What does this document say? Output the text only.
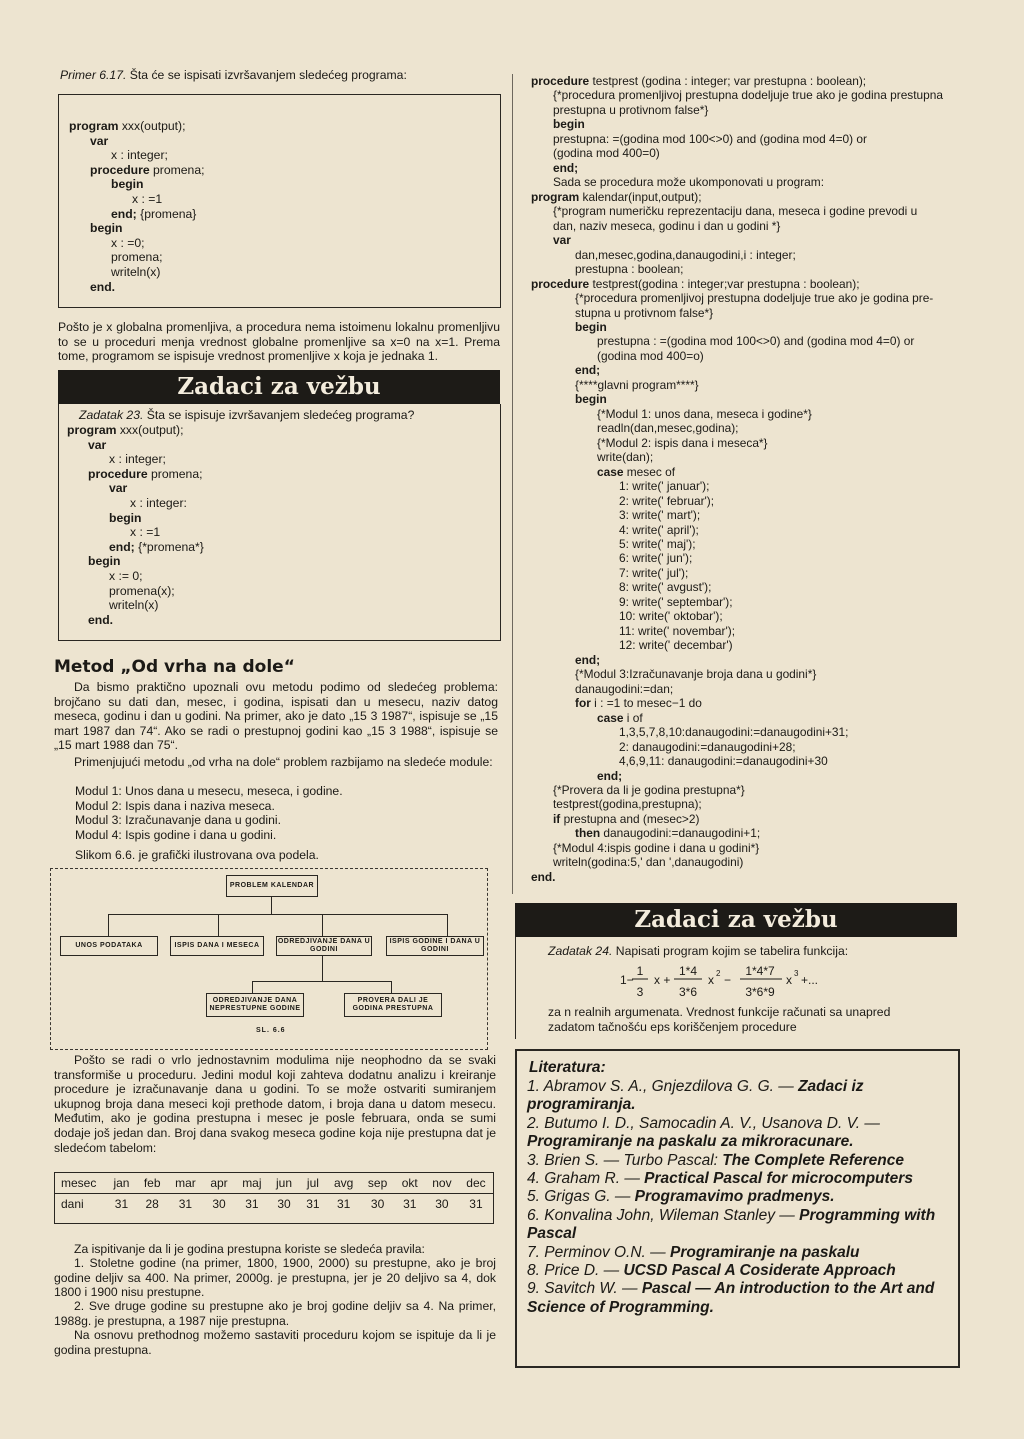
Primer 6.17. Šta će se ispisati izvršavanjem sledećeg programa:
program xxx(output);
var
x : integer;
procedure promena;
begin
x : =1
end; {promena}
begin
x : =0;
promena;
writeln(x)
end.
Pošto je x globalna promenljiva, a procedura nema istoimenu lokalnu promenljivu to se u proceduri menja vrednost globalne promenljive sa x=0 na x=1. Prema tome, programom se ispisuje vrednost promenljive x koja je jednaka 1.
Zadaci za vežbu
Zadatak 23. Šta se ispisuje izvršavanjem sledećeg programa?
program xxx(output);
var
x : integer;
procedure promena;
var
x : integer:
begin
x : =1
end; {*promena*}
begin
x := 0;
promena(x);
writeln(x)
end.
Metod „Od vrha na dole“
Da bismo praktično upoznali ovu metodu podimo od sledećeg problema: brojčano su dati dan, mesec, i godina, ispisati dan u mesecu, naziv datog meseca, godinu i dan u godini. Na primer, ako je dato „15 3 1987“, ispisuje se „15 mart 1987 dan 74“. Ako se radi o prestupnoj godini kao „15 3 1988“, ispisuje se „15 mart 1988 dan 75“.
Primenjujući metodu „od vrha na dole“ problem razbijamo na sledeće module:
Modul 1: Unos dana u mesecu, meseca, i godine.
Modul 2: Ispis dana i naziva meseca.
Modul 3: Izračunavanje dana u godini.
Modul 4: Ispis godine i dana u godini.
Slikom 6.6. je grafički ilustrovana ova podela.
PROBLEM KALENDAR
UNOS PODATAKA	ISPIS DANA I MESECA
ODREDJIVANJE DANA U GODINI
ISPIS GODINE I DANA U GODINI
ODREDJIVANJE DANA NEPRESTUPNE GODINE
PROVERA DALI JE GODINA PRESTUPNA
SL. 6.6
Pošto se radi o vrlo jednostavnim modulima nije neophodno da se svaki transformiše u proceduru. Jedini modul koji zahteva dodatnu analizu i kreiranje procedure je izračunavanje dana u godini. To se može ostvariti sumiranjem ukupnog broja dana meseci koji prethode datom, i broja dana u datom mesecu. Međutim, ako je godina prestupna i mesec je posle februara, onda se sumi dodaje još jedan dan. Broj dana svakog meseca godine koja nije prestupna dat je sledećom tabelom:
mesec	jan	feb	mar	apr	maj	jun	jul	avg	sep	okt	nov	dec
dani	31	28	31	30	31	30	31	31	30	31	30	31
Za ispitivanje da li je godina prestupna koriste se sledeća pravila:
1. Stoletne godine (na primer, 1800, 1900, 2000) su prestupne, ako je broj godine deljiv sa 400. Na primer, 2000g. je prestupna, jer je 20 deljivo sa 4, dok 1800 i 1900 nisu prestupne.
2. Sve druge godine su prestupne ako je broj godine deljiv sa 4. Na primer, 1988g. je prestupna, a 1987 nije prestupna.
Na osnovu prethodnog možemo sastaviti proceduru kojom se ispituje da li je godina prestupna.
procedure testprest (godina : integer; var prestupna : boolean);
{*procedura promenljivoj prestupna dodeljuje true ako je godina prestupna
prestupna u protivnom false*}
begin
prestupna: =(godina mod 100<>0) and (godina mod 4=0) or
(godina mod 400=0)
end;
Sada se procedura može ukomponovati u program:
program kalendar(input,output);
{*program numeričku reprezentaciju dana, meseca i godine prevodi u
dan, naziv meseca, godinu i dan u godini *}
var
dan,mesec,godina,danaugodini,i : integer;
prestupna : boolean;
procedure testprest(godina : integer;var prestupna : boolean);
{*procedura promenljivoj prestupna dodeljuje true ako je godina pre-
stupna u protivnom false*}
begin
prestupna : =(godina mod 100<>0) and (godina mod 4=0) or
(godina mod 400=o)
end;
{****glavni program****}
begin
{*Modul 1: unos dana, meseca i godine*}
readln(dan,mesec,godina);
{*Modul 2: ispis dana i meseca*}
write(dan);
case mesec of
1: write(' januar');
2: write(' februar');
3: write(' mart');
4: write(' april');
5: write(' maj');
6: write(' jun');
7: write(' jul');
8: write(' avgust');
9: write(' septembar');
10: write(' oktobar');
11: write(' novembar');
12: write(' decembar')
end;
{*Modul 3:Izračunavanje broja dana u godini*}
danaugodini:=dan;
for i : =1 to mesec−1 do
case i of
1,3,5,7,8,10:danaugodini:=danaugodini+31;
2: danaugodini:=danaugodini+28;
4,6,9,11: danaugodini:=danaugodini+30
end;
{*Provera da li je godina prestupna*}
testprest(godina,prestupna);
if prestupna and (mesec>2)
then danaugodini:=danaugodini+1;
{*Modul 4:ispis godine i dana u godini*}
writeln(godina:5,' dan ',danaugodini)
end.
Zadaci za vežbu
Zadatak 24. Napisati program kojim se tabelira funkcija:
1−
1
3
x +
1*4
3*6
x 2 −
1*4*7
3*6*9
x 3 +...
za n realnih argumenata. Vrednost funkcije računati sa unapred zadatom tačnošću eps koriščenjem procedure
Literatura:
1. Abramov S. A., Gnjezdilova G. G. — Zadaci iz programiranja.
2. Butumo I. D., Samocadin A. V., Usanova D. V. — Programiranje na paskalu za mikroracunare.
3. Brien S. — Turbo Pascal: The Complete Reference
4. Graham R. — Practical Pascal for microcomputers
5. Grigas G. — Programavimo pradmenys.
6. Konvalina John, Wileman Stanley — Programming with Pascal
7. Perminov O.N. — Programiranje na paskalu
8. Price D. — UCSD Pascal A Cosiderate Approach
9. Savitch W. — Pascal — An introduction to the Art and Science of Programming.
